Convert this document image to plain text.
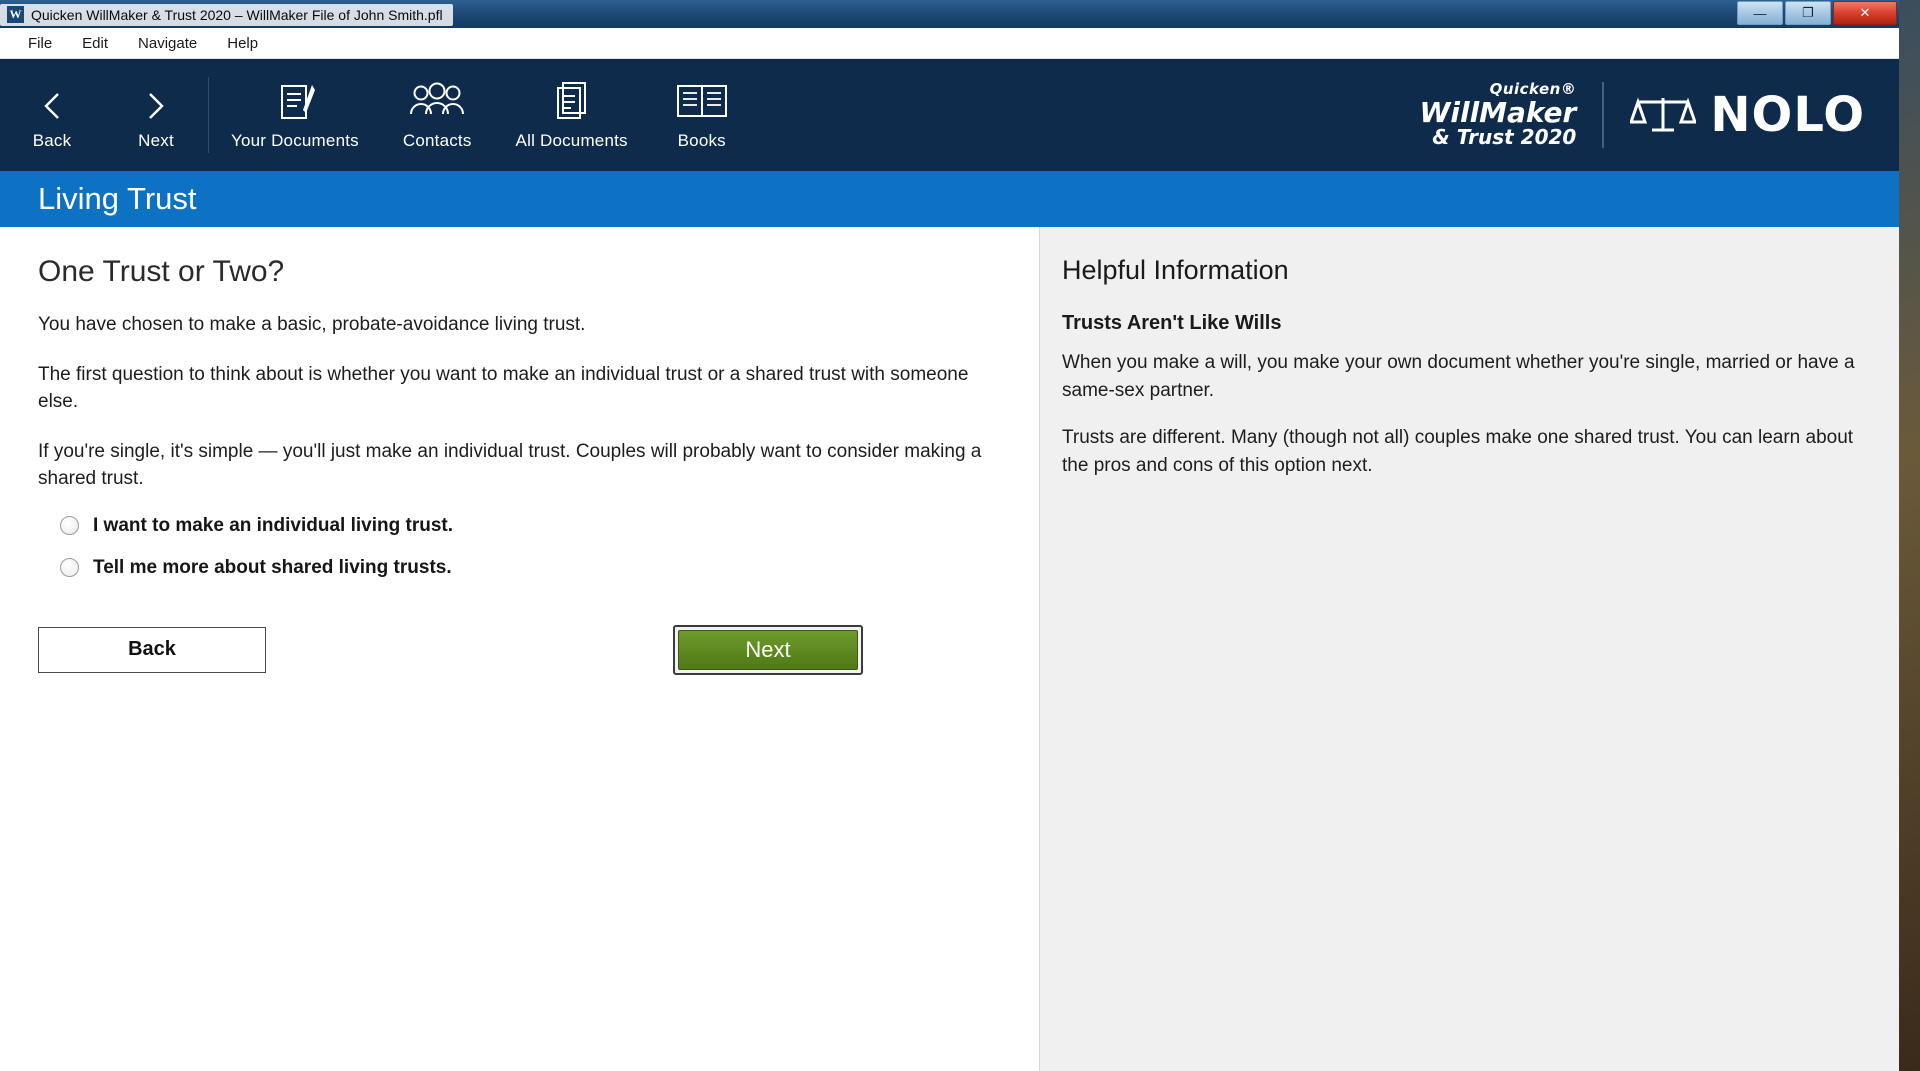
W Quicken WillMaker & Trust 2020 – WillMaker File of John Smith.pfl	—	❐	✕
File	Edit	Navigate	Help
Back	Next	Your Documents	Contacts	All Documents	Books
Quicken®
WillMaker
& Trust 2020	NOLO
Living Trust
One Trust or Two?

You have chosen to make a basic, probate-avoidance living trust.

The first question to think about is whether you want to make an individual trust or a shared trust with someone else.

If you're single, it's simple — you'll just make an individual trust. Couples will probably want to consider making a shared trust.

I want to make an individual living trust.
Tell me more about shared living trusts.
Back	Next
Helpful Information
Trusts Aren't Like Wills

When you make a will, you make your own document whether you're single, married or have a same-sex partner.

Trusts are different. Many (though not all) couples make one shared trust. You can learn about the pros and cons of this option next.
